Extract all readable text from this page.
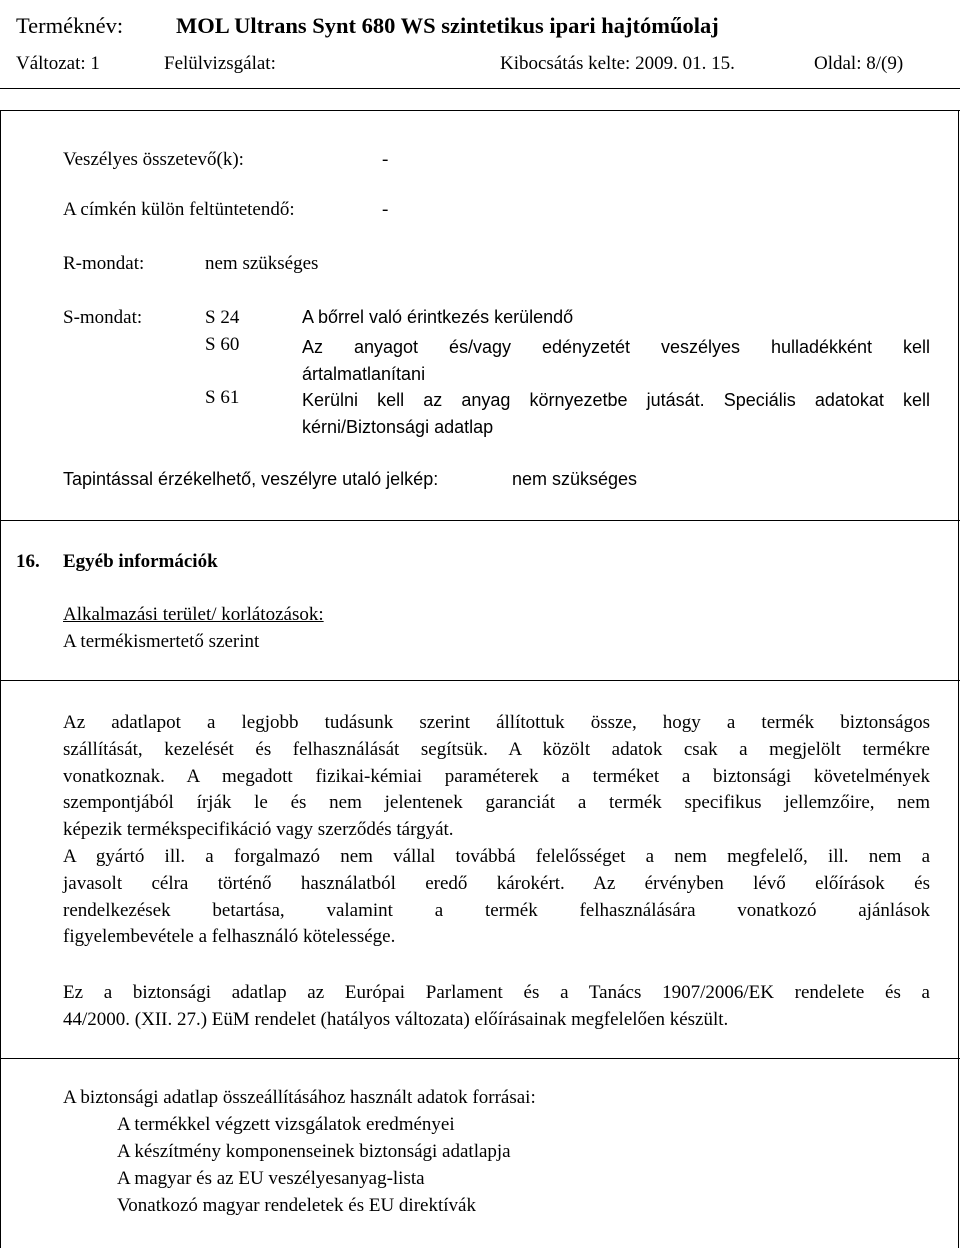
Terméknév: MOL Ultrans Synt 680 WS szintetikus ipari hajtóműolaj
Változat: 1	Felülvizsgálat:	Kibocsátás kelte: 2009. 01. 15.	Oldal: 8/(9)
Veszélyes összetevő(k):	-
A címkén külön feltüntetendő:	-
R-mondat:	nem szükséges
S-mondat:	S 24	A bőrrel való érintkezés kerülendő
S 60	Az anyagot és/vagy edényzetét veszélyes hulladékként kell
ártalmatlanítani
S 61	Kerülni kell az anyag környezetbe jutását. Speciális adatokat kell
kérni/Biztonsági adatlap
Tapintással érzékelhető, veszélyre utaló jelkép:	nem szükséges
16. Egyéb információk
Alkalmazási terület/ korlátozások:
A termékismertető szerint
Az adatlapot a legjobb tudásunk szerint állítottuk össze, hogy a termék biztonságos
szállítását, kezelését és felhasználását segítsük. A közölt adatok csak a megjelölt termékre
vonatkoznak. A megadott fizikai-kémiai paraméterek a terméket a biztonsági követelmények
szempontjából írják le és nem jelentenek garanciát a termék specifikus jellemzőire, nem
képezik termékspecifikáció vagy szerződés tárgyát.
A gyártó ill. a forgalmazó nem vállal továbbá felelősséget a nem megfelelő, ill. nem a
javasolt célra történő használatból eredő károkért. Az érvényben lévő előírások és
rendelkezések betartása, valamint a termék felhasználására vonatkozó ajánlások
figyelembevétele a felhasználó kötelessége.
Ez a biztonsági adatlap az Európai Parlament és a Tanács 1907/2006/EK rendelete és a
44/2000. (XII. 27.) EüM rendelet (hatályos változata) előírásainak megfelelően készült.
A biztonsági adatlap összeállításához használt adatok forrásai:
A termékkel végzett vizsgálatok eredményei
A készítmény komponenseinek biztonsági adatlapja
A magyar és az EU veszélyesanyag-lista
Vonatkozó magyar rendeletek és EU direktívák
